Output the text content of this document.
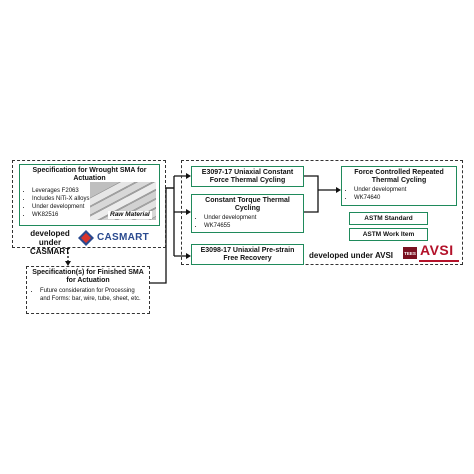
Specification for Wrought SMA for Actuation
• Leverages F2063
• Includes NiTi-X alloys
• Under development
• WK82516	Raw Material
developed under CASMART
CASMART
Specification(s) for Finished SMA for Actuation
• Future consideration for Processing and Forms: bar, wire, tube, sheet, etc.
E3097-17 Uniaxial Constant Force Thermal Cycling
Constant Torque Thermal Cycling
• Under development
• WK74655
E3098-17 Uniaxial Pre-strain Free Recovery
Force Controlled Repeated Thermal Cycling
• Under development
• WK74640
ASTM Standard
ASTM Work Item
developed under AVSI TEES AVSI
